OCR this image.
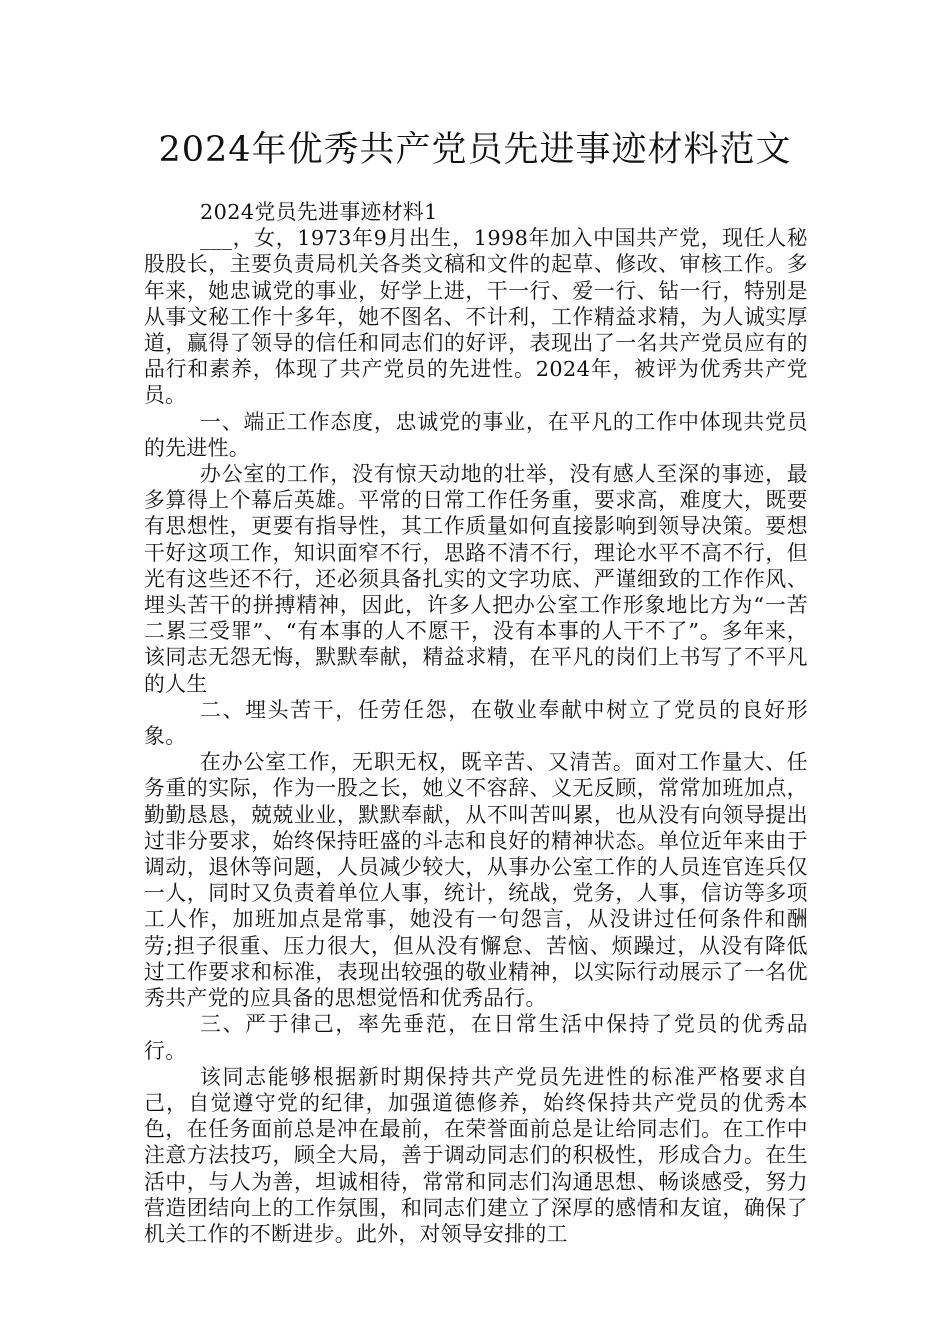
2024年优秀共产党员先进事迹材料范文

2024党员先进事迹材料1

___，女，1973年9月出生，1998年加入中国共产党，现任人秘股股长，主要负责局机关各类文稿和文件的起草、修改、审核工作。多年来，她忠诚党的事业，好学上进，干一行、爱一行、钻一行，特别是从事文秘工作十多年，她不图名、不计利，工作精益求精，为人诚实厚道，赢得了领导的信任和同志们的好评，表现出了一名共产党员应有的品行和素养，体现了共产党员的先进性。2024年，被评为优秀共产党员。

一、端正工作态度，忠诚党的事业，在平凡的工作中体现共党员的先进性。

办公室的工作，没有惊天动地的壮举，没有感人至深的事迹，最多算得上个幕后英雄。平常的日常工作任务重，要求高，难度大，既要有思想性，更要有指导性，其工作质量如何直接影响到领导决策。要想干好这项工作，知识面窄不行，思路不清不行，理论水平不高不行，但光有这些还不行，还必须具备扎实的文字功底、严谨细致的工作作风、埋头苦干的拼搏精神，因此，许多人把办公室工作形象地比方为“一苦二累三受罪”、“有本事的人不愿干，没有本事的人干不了”。多年来，该同志无怨无悔，默默奉献，精益求精，在平凡的岗们上书写了不平凡的人生

二、埋头苦干，任劳任怨，在敬业奉献中树立了党员的良好形象。

在办公室工作，无职无权，既辛苦、又清苦。面对工作量大、任务重的实际，作为一股之长，她义不容辞、义无反顾，常常加班加点，勤勤恳恳，兢兢业业，默默奉献，从不叫苦叫累，也从没有向领导提出过非分要求，始终保持旺盛的斗志和良好的精神状态。单位近年来由于调动，退休等问题，人员减少较大，从事办公室工作的人员连官连兵仅一人，同时又负责着单位人事，统计，统战，党务，人事，信访等多项工人作，加班加点是常事，她没有一句怨言，从没讲过任何条件和酬劳;担子很重、压力很大，但从没有懈怠、苦恼、烦躁过，从没有降低过工作要求和标准，表现出较强的敬业精神，以实际行动展示了一名优秀共产党的应具备的思想觉悟和优秀品行。

三、严于律己，率先垂范，在日常生活中保持了党员的优秀品行。

该同志能够根据新时期保持共产党员先进性的标准严格要求自己，自觉遵守党的纪律，加强道德修养，始终保持共产党员的优秀本色，在任务面前总是冲在最前，在荣誉面前总是让给同志们。在工作中注意方法技巧，顾全大局，善于调动同志们的积极性，形成合力。在生活中，与人为善，坦诚相待，常常和同志们沟通思想、畅谈感受，努力营造团结向上的工作氛围，和同志们建立了深厚的感情和友谊，确保了机关工作的不断进步。此外，对领导安排的工
